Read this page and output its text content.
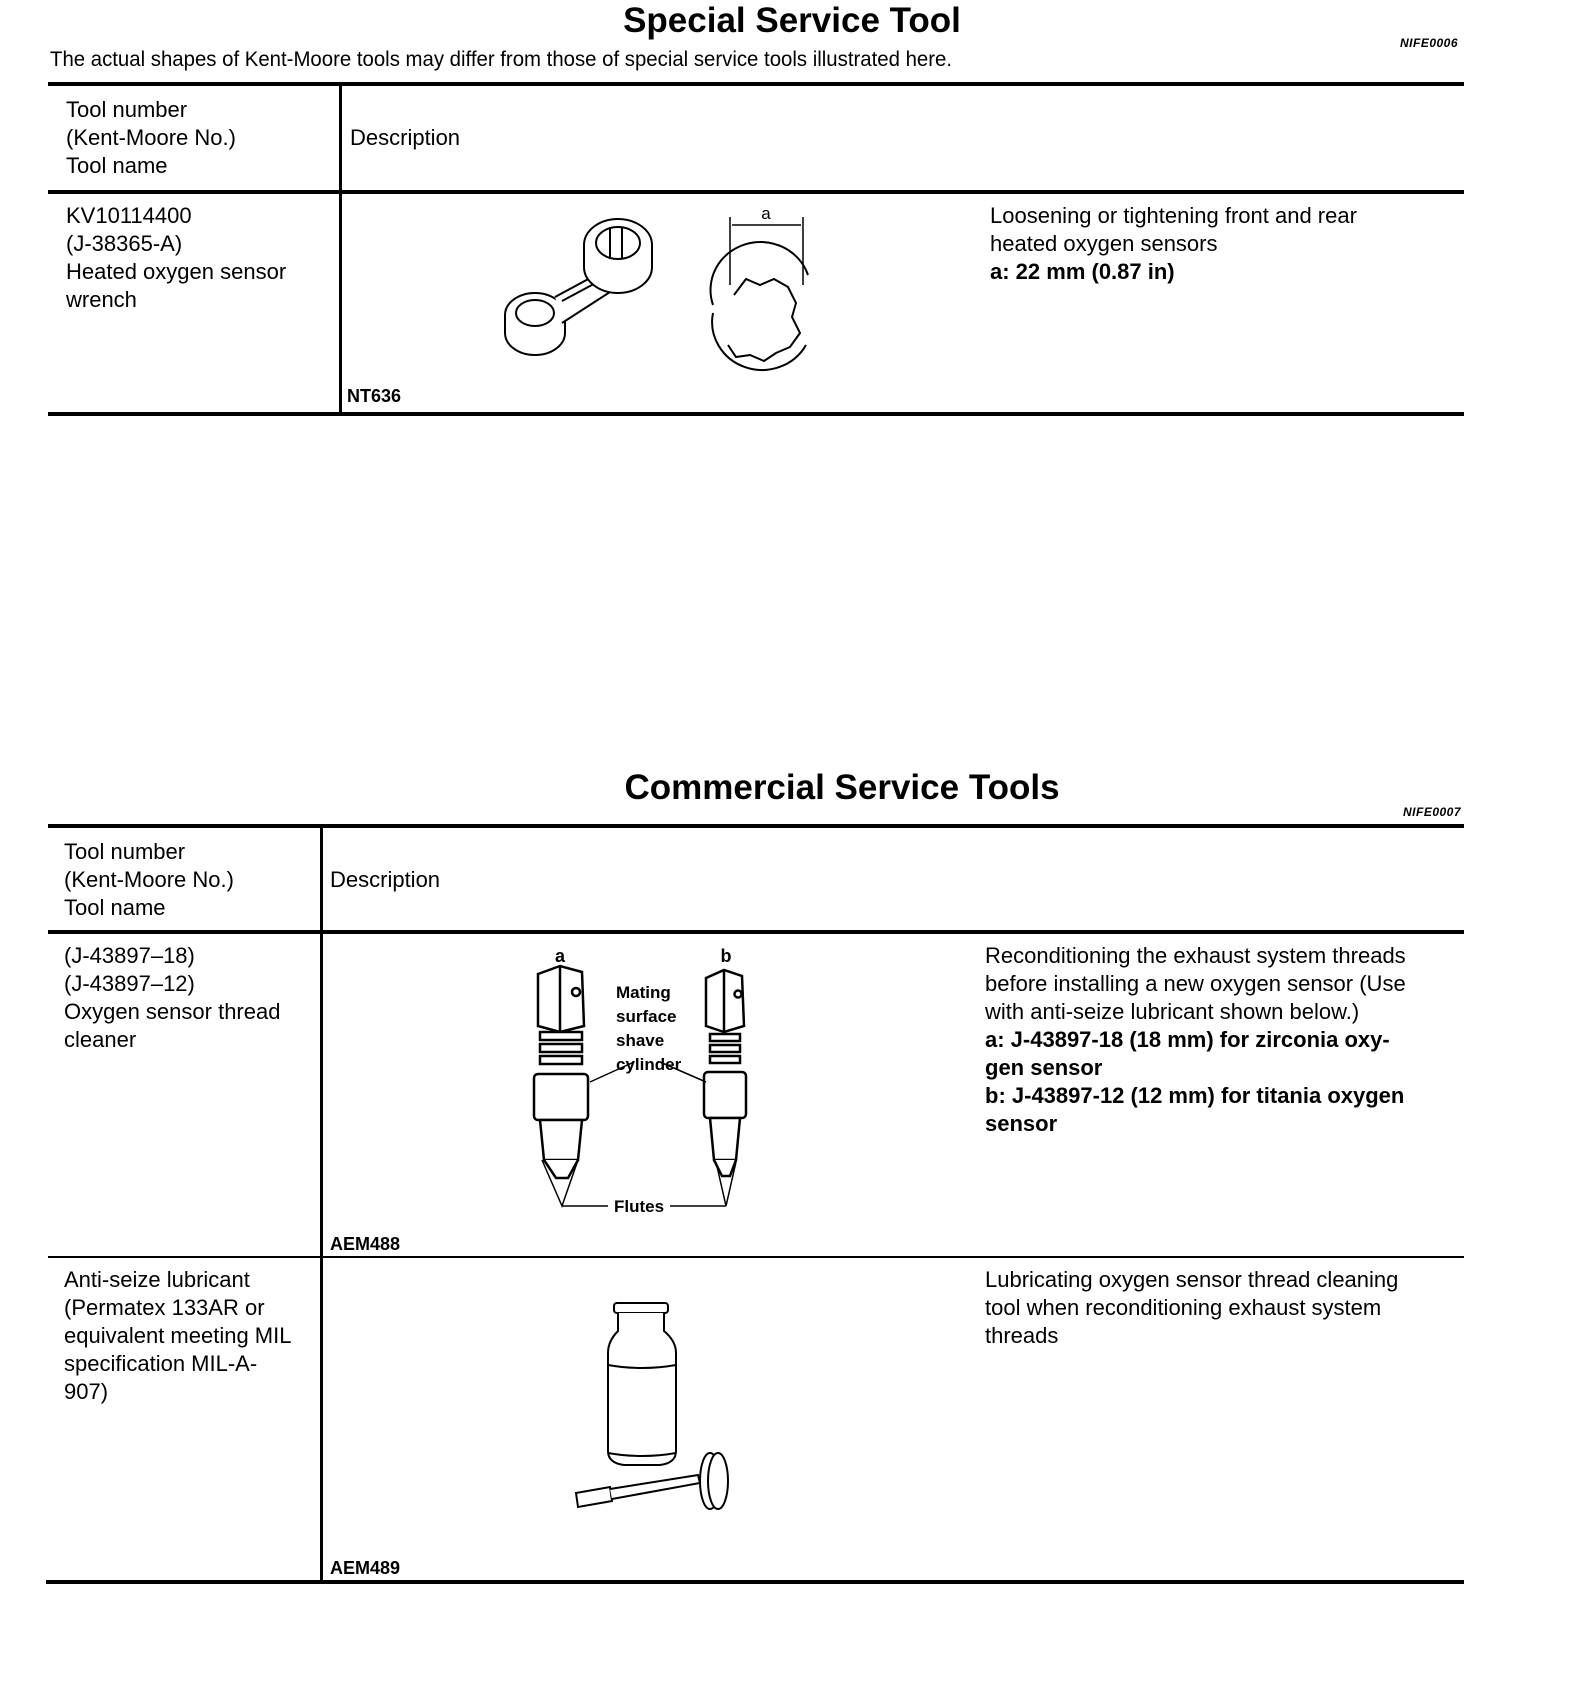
Special Service Tool
The actual shapes of Kent-Moore tools may differ from those of special service tools illustrated here.
NIFE0006
Tool number
(Kent-Moore No.)
Tool name
Description
KV10114400
(J-38365-A)
Heated oxygen sensor
wrench
a
NT636
Loosening or tightening front and rear
heated oxygen sensors
a: 22 mm (0.87 in)
Commercial Service Tools
NIFE0007
Tool number
(Kent-Moore No.)
Tool name
Description
(J-43897–18)
(J-43897–12)
Oxygen sensor thread
cleaner
a	b
Mating
surface
shave
cylinder
Flutes
AEM488
Reconditioning the exhaust system threads
before installing a new oxygen sensor (Use
with anti-seize lubricant shown below.)
a: J-43897-18 (18 mm) for zirconia oxy-
gen sensor
b: J-43897-12 (12 mm) for titania oxygen
sensor
Anti-seize lubricant
(Permatex 133AR or
equivalent meeting MIL
specification MIL-A-
907)
AEM489
Lubricating oxygen sensor thread cleaning
tool when reconditioning exhaust system
threads
